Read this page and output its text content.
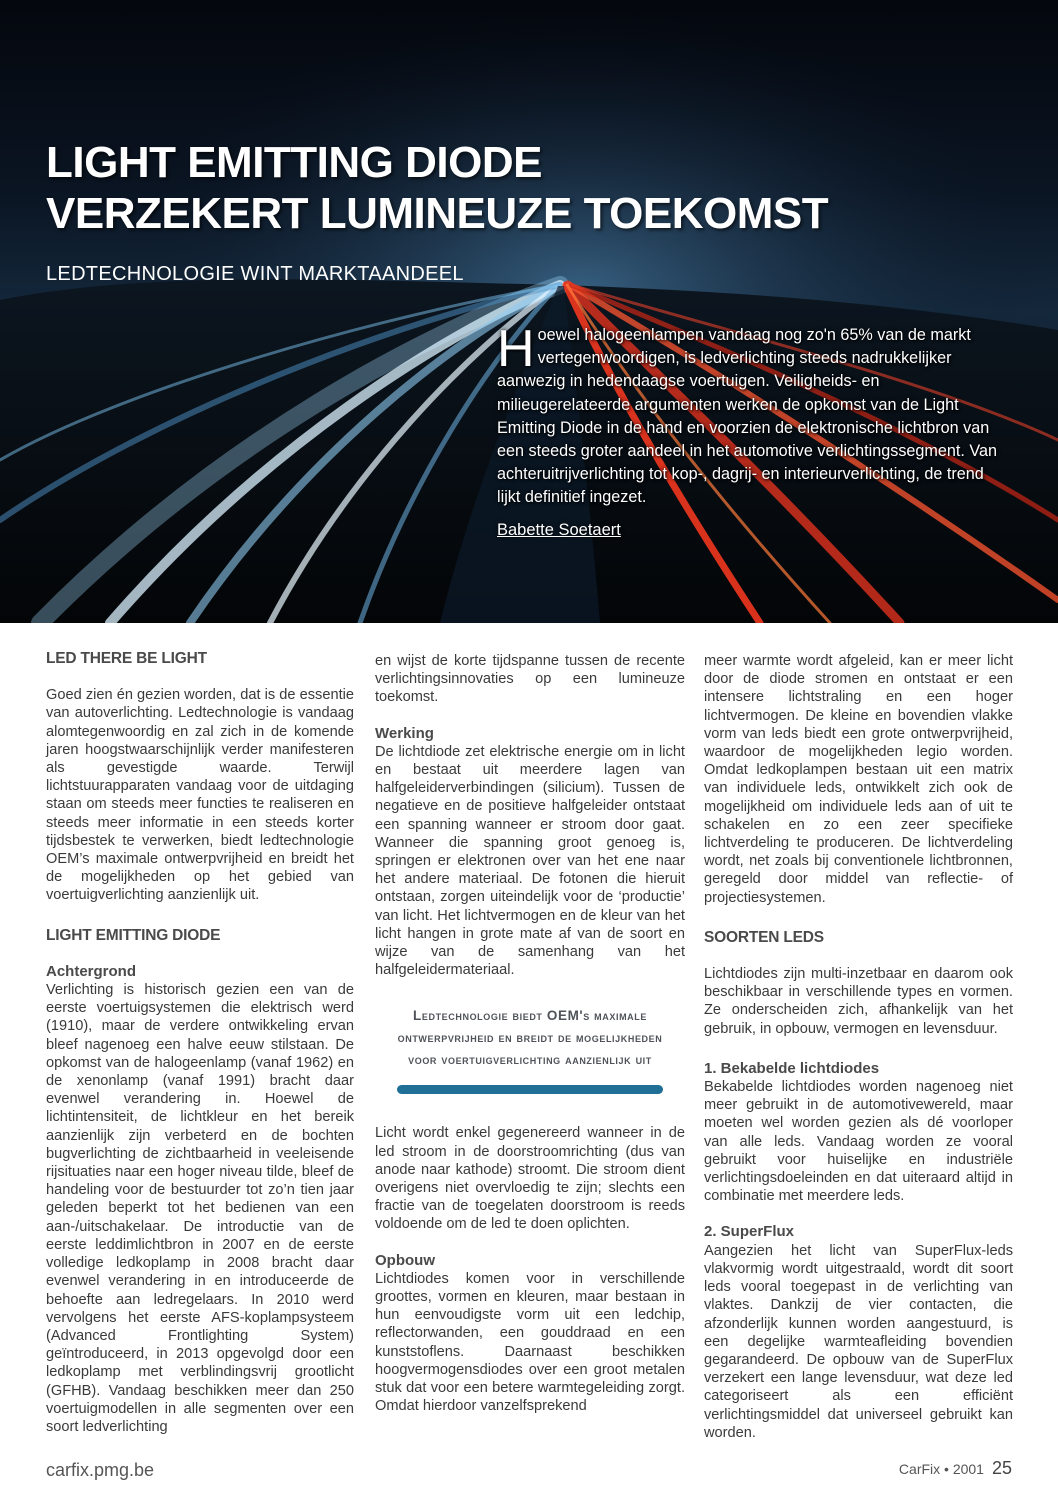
LIGHT EMITTING DIODE
VERZEKERT LUMINEUZE TOEKOMST
LEDTECHNOLOGIE WINT MARKTAANDEEL

Hoewel halogeenlampen vandaag nog zo'n 65% van de markt vertegenwoordigen, is ledverlichting steeds nadrukkelijker aanwezig in hedendaagse voertuigen. Veiligheids- en milieugerelateerde argumenten werken de opkomst van de Light Emitting Diode in de hand en voorzien de elektronische lichtbron van een steeds groter aandeel in het automotive verlichtingssegment. Van achteruitrijverlichting tot kop-, dagrij- en interieurverlichting, de trend lijkt definitief ingezet.

Babette Soetaert

LED THERE BE LIGHT

Goed zien én gezien worden, dat is de essentie van autoverlichting. Ledtechnologie is vandaag alomtegenwoordig en zal zich in de komende jaren hoogstwaarschijnlijk verder manifesteren als gevestigde waarde. Terwijl lichtstuurapparaten vandaag voor de uitdaging staan om steeds meer functies te realiseren en steeds meer informatie in een steeds korter tijdsbestek te verwerken, biedt ledtechnologie OEM’s maximale ontwerpvrijheid en breidt het de mogelijkheden op het gebied van voertuigverlichting aanzienlijk uit.

LIGHT EMITTING DIODE
Achtergrond

Verlichting is historisch gezien een van de eerste voertuigsystemen die elektrisch werd (1910), maar de verdere ontwikkeling ervan bleef nagenoeg een halve eeuw stilstaan. De opkomst van de halogeenlamp (vanaf 1962) en de xenonlamp (vanaf 1991) bracht daar evenwel verandering in. Hoewel de lichtintensiteit, de lichtkleur en het bereik aanzienlijk zijn verbeterd en de bochten bugverlichting de zichtbaarheid in veeleisende rijsituaties naar een hoger niveau tilde, bleef de handeling voor de bestuurder tot zo’n tien jaar geleden beperkt tot het bedienen van een aan-/uitschakelaar. De introductie van de eerste leddimlichtbron in 2007 en de eerste volledige ledkoplamp in 2008 bracht daar evenwel verandering in en introduceerde de behoefte aan ledregelaars. In 2010 werd vervolgens het eerste AFS-koplampsysteem (Advanced Frontlighting System) geïntroduceerd, in 2013 opgevolgd door een ledkoplamp met verblindingsvrij grootlicht (GFHB). Vandaag beschikken meer dan 250 voertuigmodellen in alle segmenten over een soort ledverlichting

en wijst de korte tijdspanne tussen de recente verlichtingsinnovaties op een lumineuze toekomst.

Werking

De lichtdiode zet elektrische energie om in licht en bestaat uit meerdere lagen van halfgeleiderverbindingen (silicium). Tussen de negatieve en de positieve halfgeleider ontstaat een spanning wanneer er stroom door gaat. Wanneer die spanning groot genoeg is, springen er elektronen over van het ene naar het andere materiaal. De fotonen die hieruit ontstaan, zorgen uiteindelijk voor de ‘productie’ van licht. Het lichtvermogen en de kleur van het licht hangen in grote mate af van de soort en wijze van de samenhang van het halfgeleidermateriaal.

Ledtechnologie biedt OEM's maximale ontwerpvrijheid en breidt de mogelijkheden voor voertuigverlichting aanzienlijk uit

Licht wordt enkel gegenereerd wanneer in de led stroom in de doorstroomrichting (dus van anode naar kathode) stroomt. Die stroom dient overigens niet overvloedig te zijn; slechts een fractie van de toegelaten doorstroom is reeds voldoende om de led te doen oplichten.

Opbouw

Lichtdiodes komen voor in verschillende groottes, vormen en kleuren, maar bestaan in hun eenvoudigste vorm uit een ledchip, reflectorwanden, een gouddraad en een kunststoflens. Daarnaast beschikken hoogvermogensdiodes over een groot metalen stuk dat voor een betere warmtegeleiding zorgt. Omdat hierdoor vanzelfsprekend

meer warmte wordt afgeleid, kan er meer licht door de diode stromen en ontstaat er een intensere lichtstraling en een hoger lichtvermogen. De kleine en bovendien vlakke vorm van leds biedt een grote ontwerpvrijheid, waardoor de mogelijkheden legio worden. Omdat ledkoplampen bestaan uit een matrix van individuele leds, ontwikkelt zich ook de mogelijkheid om individuele leds aan of uit te schakelen en zo een zeer specifieke lichtverdeling te produceren. De lichtverdeling wordt, net zoals bij conventionele lichtbronnen, geregeld door middel van reflectie- of projectiesystemen.

SOORTEN LEDS

Lichtdiodes zijn multi-inzetbaar en daarom ook beschikbaar in verschillende types en vormen. Ze onderscheiden zich, afhankelijk van het gebruik, in opbouw, vermogen en levensduur.

1. Bekabelde lichtdiodes

Bekabelde lichtdiodes worden nagenoeg niet meer gebruikt in de automotivewereld, maar moeten wel worden gezien als dé voorloper van alle leds. Vandaag worden ze vooral gebruikt voor huiselijke en industriële verlichtingsdoeleinden en dat uiteraard altijd in combinatie met meerdere leds.

2. SuperFlux

Aangezien het licht van SuperFlux-leds vlakvormig wordt uitgestraald, wordt dit soort leds vooral toegepast in de verlichting van vlaktes. Dankzij de vier contacten, die afzonderlijk kunnen worden aangestuurd, is een degelijke warmteafleiding bovendien gegarandeerd. De opbouw van de SuperFlux verzekert een lange levensduur, wat deze led categoriseert als een efficiënt verlichtingsmiddel dat universeel gebruikt kan worden.

carfix.pmg.be	CarFix • 2001 25
